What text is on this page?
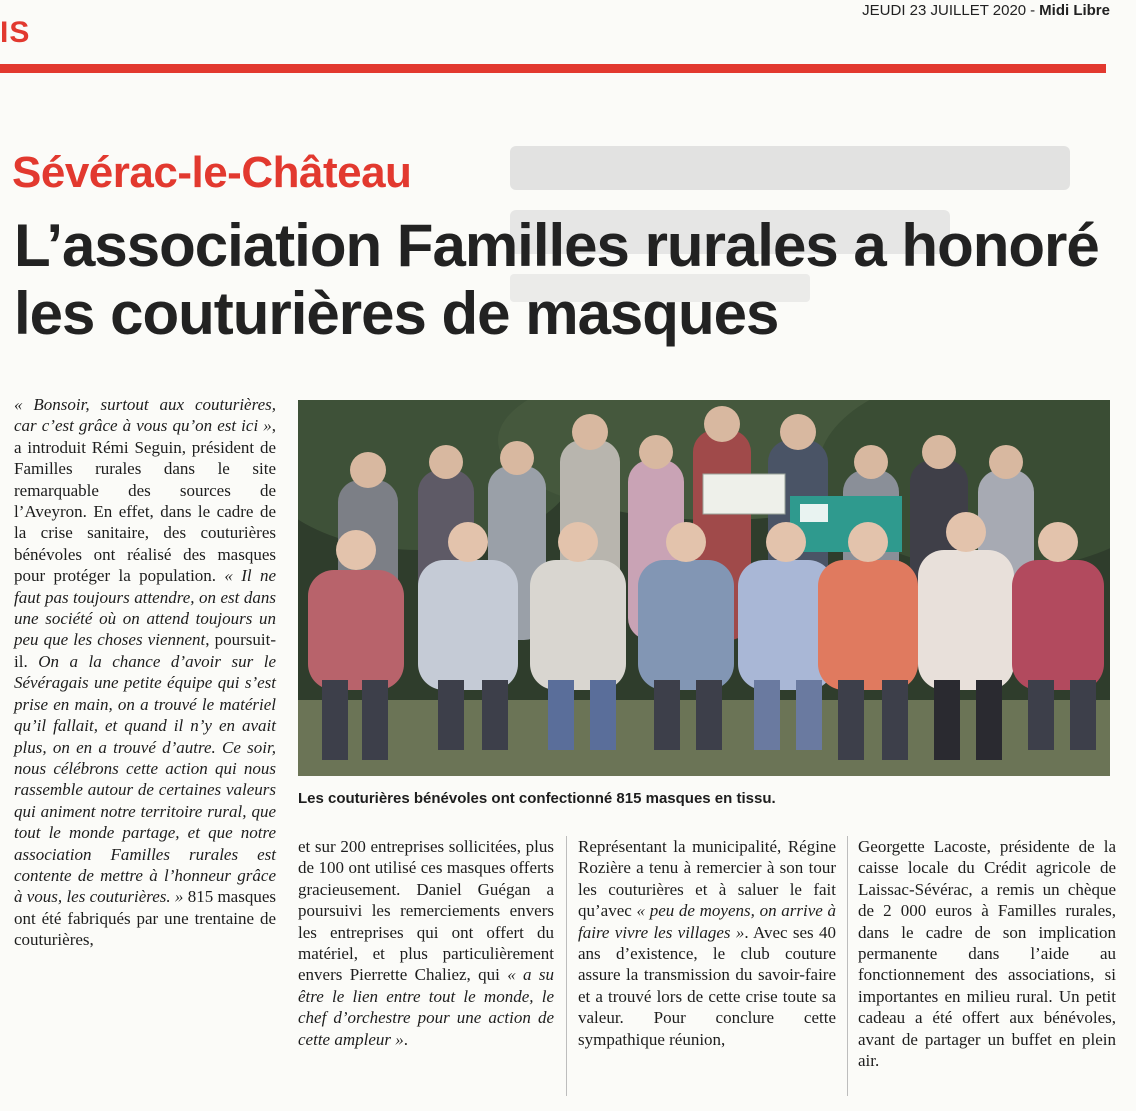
IS
JEUDI 23 JUILLET 2020 - Midi Libre
Sévérac-le-Château
L’association Familles rurales a honoré les couturières de masques
Les couturières bénévoles ont confectionné 815 masques en tissu.

« Bonsoir, surtout aux couturières, car c’est grâce à vous qu’on est ici », a introduit Rémi Seguin, président de Familles rurales dans le site remarquable des sources de l’Aveyron. En effet, dans le cadre de la crise sanitaire, des couturières bénévoles ont réalisé des masques pour protéger la population. « Il ne faut pas toujours attendre, on est dans une société où on attend toujours un peu que les choses viennent, poursuit-il. On a la chance d’avoir sur le Sévéragais une petite équipe qui s’est prise en main, on a trouvé le matériel qu’il fallait, et quand il n’y en avait plus, on en a trouvé d’autre. Ce soir, nous célébrons cette action qui nous rassemble autour de certaines valeurs qui animent notre territoire rural, que tout le monde partage, et que notre association Familles rurales est contente de mettre à l’honneur grâce à vous, les couturières. » 815 masques ont été fabriqués par une trentaine de couturières,

et sur 200 entreprises sollicitées, plus de 100 ont utilisé ces masques offerts gracieusement. Daniel Guégan a poursuivi les remerciements envers les entreprises qui ont offert du matériel, et plus particulièrement envers Pierrette Chaliez, qui « a su être le lien entre tout le monde, le chef d’orchestre pour une action de cette ampleur ».

Représentant la municipalité, Régine Rozière a tenu à remercier à son tour les couturières et à saluer le fait qu’avec « peu de moyens, on arrive à faire vivre les villages ». Avec ses 40 ans d’existence, le club couture assure la transmission du savoir-faire et a trouvé lors de cette crise toute sa valeur. Pour conclure cette sympathique réunion,

Georgette Lacoste, présidente de la caisse locale du Crédit agricole de Laissac-Sévérac, a remis un chèque de 2 000 euros à Familles rurales, dans le cadre de son implication permanente dans l’aide au fonctionnement des associations, si importantes en milieu rural. Un petit cadeau a été offert aux bénévoles, avant de partager un buffet en plein air.
